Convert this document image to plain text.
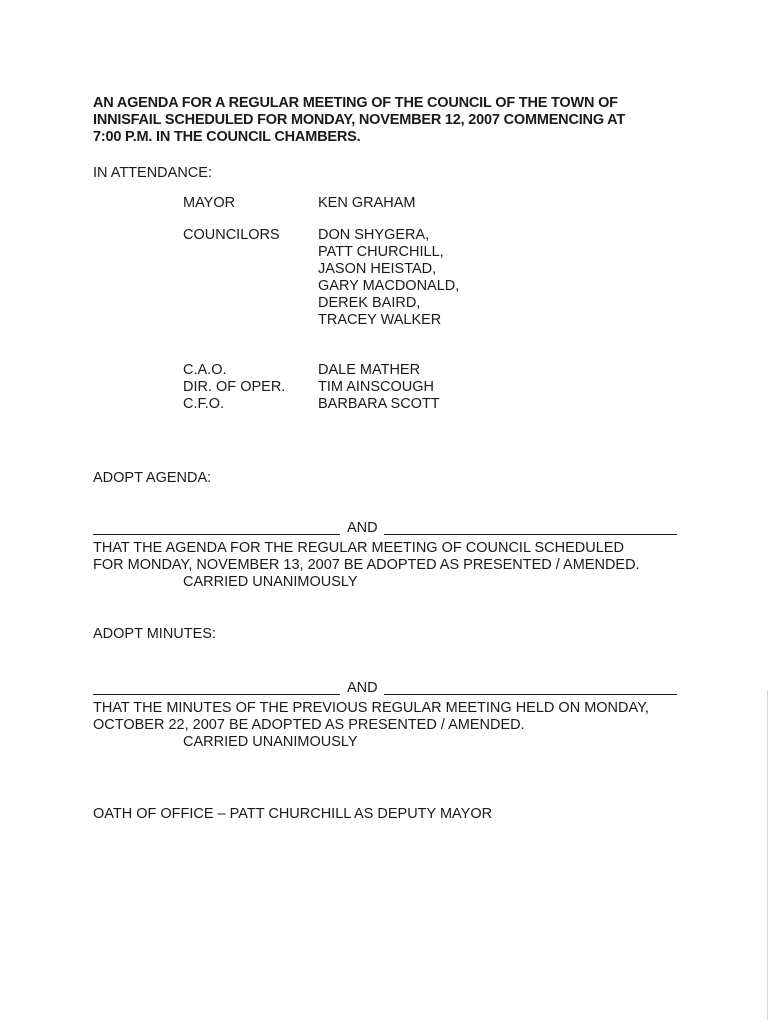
AN AGENDA FOR A REGULAR MEETING OF THE COUNCIL OF THE TOWN OF
INNISFAIL SCHEDULED FOR MONDAY, NOVEMBER 12, 2007 COMMENCING AT
7:00 P.M. IN THE COUNCIL CHAMBERS.
IN ATTENDANCE:
MAYOR	KEN GRAHAM
COUNCILORS	DON SHYGERA,
PATT CHURCHILL,
JASON HEISTAD,
GARY MACDONALD,
DEREK BAIRD,
TRACEY WALKER
C.A.O.
DIR. OF OPER.
C.F.O.
DALE MATHER
TIM AINSCOUGH
BARBARA SCOTT
ADOPT AGENDA:
AND
THAT THE AGENDA FOR THE REGULAR MEETING OF COUNCIL SCHEDULED
FOR MONDAY, NOVEMBER 13, 2007 BE ADOPTED AS PRESENTED / AMENDED.
CARRIED UNANIMOUSLY
ADOPT MINUTES:
AND
THAT THE MINUTES OF THE PREVIOUS REGULAR MEETING HELD ON MONDAY,
OCTOBER 22, 2007 BE ADOPTED AS PRESENTED / AMENDED.
CARRIED UNANIMOUSLY
OATH OF OFFICE – PATT CHURCHILL AS DEPUTY MAYOR
